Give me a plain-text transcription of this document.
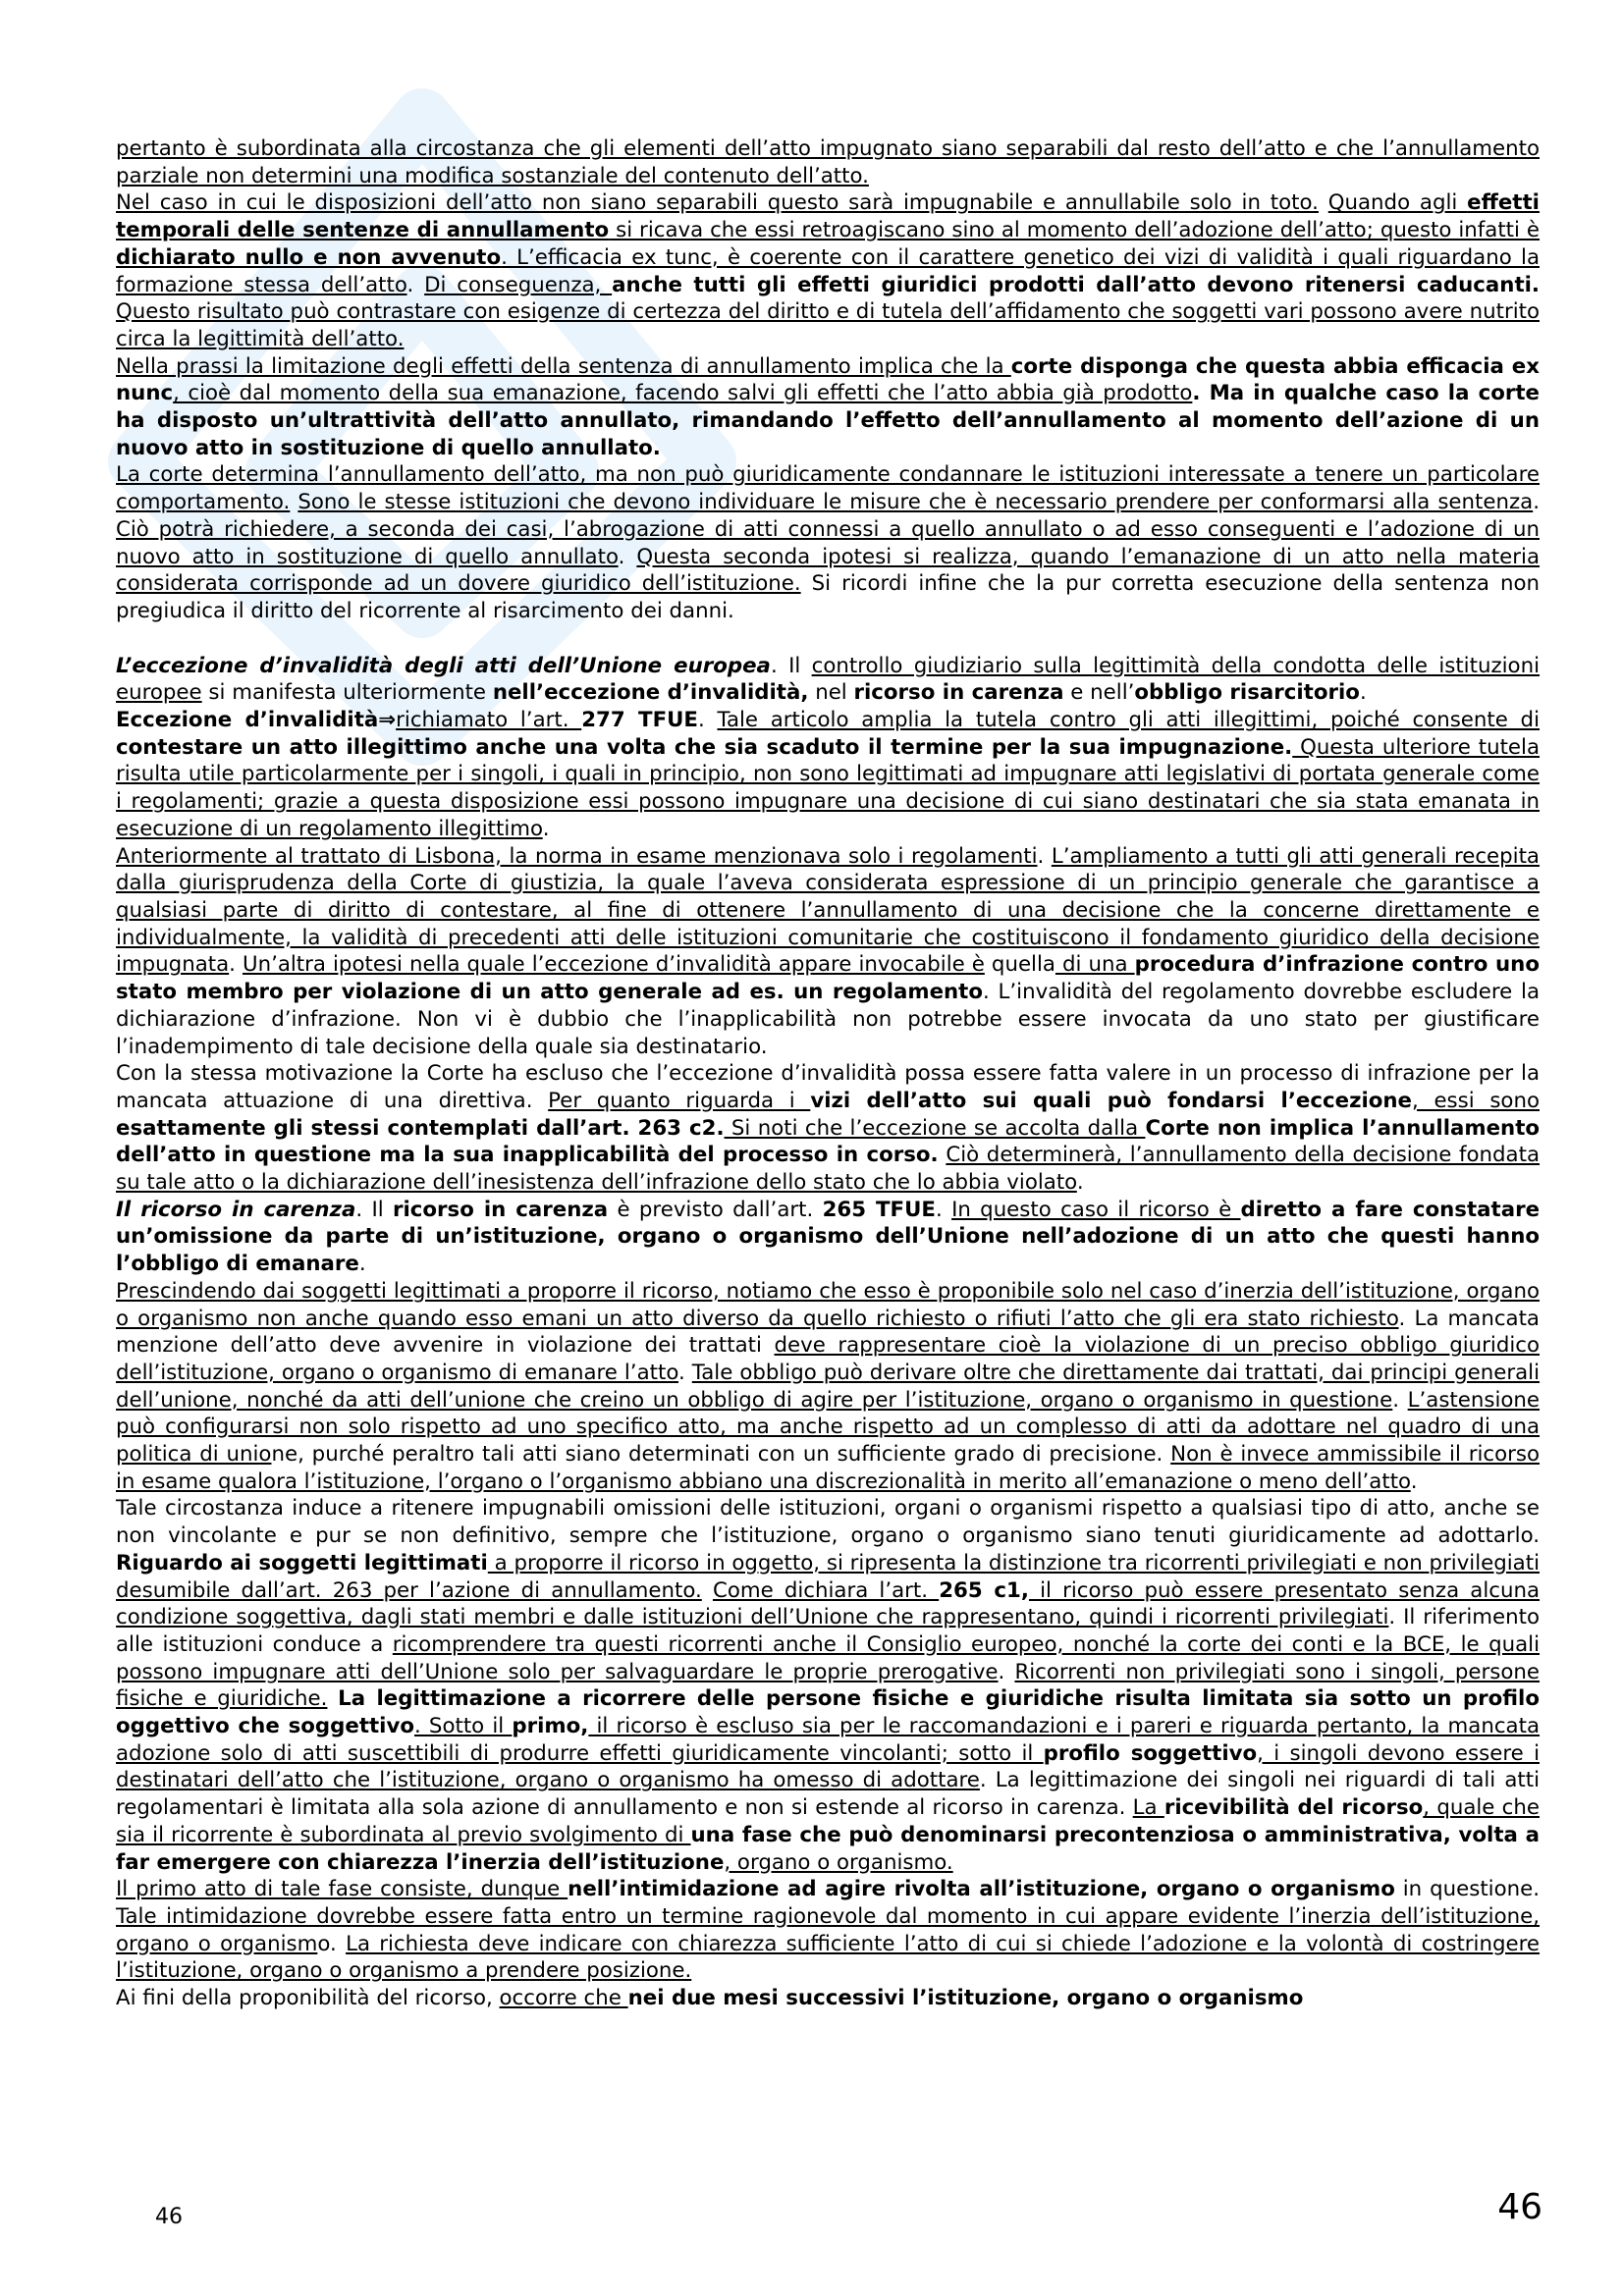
pertanto è subordinata alla circostanza che gli elementi dell’atto impugnato siano separabili dal resto dell’atto e che l’annullamento parziale non determini una modifica sostanziale del contenuto dell’atto.

Nel caso in cui le disposizioni dell’atto non siano separabili questo sarà impugnabile e annullabile solo in toto. Quando agli effetti temporali delle sentenze di annullamento si ricava che essi retroagiscano sino al momento dell’adozione dell’atto; questo infatti è dichiarato nullo e non avvenuto. L’efficacia ex tunc, è coerente con il carattere genetico dei vizi di validità i quali riguardano la formazione stessa dell’atto. Di conseguenza, anche tutti gli effetti giuridici prodotti dall’atto devono ritenersi caducanti. Questo risultato può contrastare con esigenze di certezza del diritto e di tutela dell’affidamento che soggetti vari possono avere nutrito circa la legittimità dell’atto.

Nella prassi la limitazione degli effetti della sentenza di annullamento implica che la corte disponga che questa abbia efficacia ex nunc, cioè dal momento della sua emanazione, facendo salvi gli effetti che l’atto abbia già prodotto. Ma in qualche caso la corte ha disposto un’ultrattività dell’atto annullato, rimandando l’effetto dell’annullamento al momento dell’azione di un nuovo atto in sostituzione di quello annullato.

La corte determina l’annullamento dell’atto, ma non può giuridicamente condannare le istituzioni interessate a tenere un particolare comportamento. Sono le stesse istituzioni che devono individuare le misure che è necessario prendere per conformarsi alla sentenza. Ciò potrà richiedere, a seconda dei casi, l’abrogazione di atti connessi a quello annullato o ad esso conseguenti e l’adozione di un nuovo atto in sostituzione di quello annullato. Questa seconda ipotesi si realizza, quando l’emanazione di un atto nella materia considerata corrisponde ad un dovere giuridico dell’istituzione. Si ricordi infine che la pur corretta esecuzione della sentenza non pregiudica il diritto del ricorrente al risarcimento dei danni.

L’eccezione d’invalidità degli atti dell’Unione europea. Il controllo giudiziario sulla legittimità della condotta delle istituzioni europee si manifesta ulteriormente nell’eccezione d’invalidità, nel ricorso in carenza e nell’obbligo risarcitorio.

Eccezione d’invalidità⇒richiamato l’art. 277 TFUE. Tale articolo amplia la tutela contro gli atti illegittimi, poiché consente di contestare un atto illegittimo anche una volta che sia scaduto il termine per la sua impugnazione. Questa ulteriore tutela risulta utile particolarmente per i singoli, i quali in principio, non sono legittimati ad impugnare atti legislativi di portata generale come i regolamenti; grazie a questa disposizione essi possono impugnare una decisione di cui siano destinatari che sia stata emanata in esecuzione di un regolamento illegittimo.

Anteriormente al trattato di Lisbona, la norma in esame menzionava solo i regolamenti. L’ampliamento a tutti gli atti generali recepita dalla giurisprudenza della Corte di giustizia, la quale l’aveva considerata espressione di un principio generale che garantisce a qualsiasi parte di diritto di contestare, al fine di ottenere l’annullamento di una decisione che la concerne direttamente e individualmente, la validità di precedenti atti delle istituzioni comunitarie che costituiscono il fondamento giuridico della decisione impugnata. Un’altra ipotesi nella quale l’eccezione d’invalidità appare invocabile è quella di una procedura d’infrazione contro uno stato membro per violazione di un atto generale ad es. un regolamento. L’invalidità del regolamento dovrebbe escludere la dichiarazione d’infrazione. Non vi è dubbio che l’inapplicabilità non potrebbe essere invocata da uno stato per giustificare l’inadempimento di tale decisione della quale sia destinatario.

Con la stessa motivazione la Corte ha escluso che l’eccezione d’invalidità possa essere fatta valere in un processo di infrazione per la mancata attuazione di una direttiva. Per quanto riguarda i vizi dell’atto sui quali può fondarsi l’eccezione, essi sono esattamente gli stessi contemplati dall’art. 263 c2. Si noti che l’eccezione se accolta dalla Corte non implica l’annullamento dell’atto in questione ma la sua inapplicabilità del processo in corso. Ciò determinerà, l’annullamento della decisione fondata su tale atto o la dichiarazione dell’inesistenza dell’infrazione dello stato che lo abbia violato.

Il ricorso in carenza. Il ricorso in carenza è previsto dall’art. 265 TFUE. In questo caso il ricorso è diretto a fare constatare un’omissione da parte di un’istituzione, organo o organismo dell’Unione nell’adozione di un atto che questi hanno l’obbligo di emanare.

Prescindendo dai soggetti legittimati a proporre il ricorso, notiamo che esso è proponibile solo nel caso d’inerzia dell’istituzione, organo o organismo non anche quando esso emani un atto diverso da quello richiesto o rifiuti l’atto che gli era stato richiesto. La mancata menzione dell’atto deve avvenire in violazione dei trattati deve rappresentare cioè la violazione di un preciso obbligo giuridico dell’istituzione, organo o organismo di emanare l’atto. Tale obbligo può derivare oltre che direttamente dai trattati, dai principi generali dell’unione, nonché da atti dell’unione che creino un obbligo di agire per l’istituzione, organo o organismo in questione. L’astensione può configurarsi non solo rispetto ad uno specifico atto, ma anche rispetto ad un complesso di atti da adottare nel quadro di una politica di unione, purché peraltro tali atti siano determinati con un sufficiente grado di precisione. Non è invece ammissibile il ricorso in esame qualora l’istituzione, l’organo o l’organismo abbiano una discrezionalità in merito all’emanazione o meno dell’atto.

Tale circostanza induce a ritenere impugnabili omissioni delle istituzioni, organi o organismi rispetto a qualsiasi tipo di atto, anche se non vincolante e pur se non definitivo, sempre che l’istituzione, organo o organismo siano tenuti giuridicamente ad adottarlo. Riguardo ai soggetti legittimati a proporre il ricorso in oggetto, si ripresenta la distinzione tra ricorrenti privilegiati e non privilegiati desumibile dall’art. 263 per l’azione di annullamento. Come dichiara l’art. 265 c1, il ricorso può essere presentato senza alcuna condizione soggettiva, dagli stati membri e dalle istituzioni dell’Unione che rappresentano, quindi i ricorrenti privilegiati. Il riferimento alle istituzioni conduce a ricomprendere tra questi ricorrenti anche il Consiglio europeo, nonché la corte dei conti e la BCE, le quali possono impugnare atti dell’Unione solo per salvaguardare le proprie prerogative. Ricorrenti non privilegiati sono i singoli, persone fisiche e giuridiche. La legittimazione a ricorrere delle persone fisiche e giuridiche risulta limitata sia sotto un profilo oggettivo che soggettivo. Sotto il primo, il ricorso è escluso sia per le raccomandazioni e i pareri e riguarda pertanto, la mancata adozione solo di atti suscettibili di produrre effetti giuridicamente vincolanti; sotto il profilo soggettivo, i singoli devono essere i destinatari dell’atto che l’istituzione, organo o organismo ha omesso di adottare. La legittimazione dei singoli nei riguardi di tali atti regolamentari è limitata alla sola azione di annullamento e non si estende al ricorso in carenza. La ricevibilità del ricorso, quale che sia il ricorrente è subordinata al previo svolgimento di una fase che può denominarsi precontenziosa o amministrativa, volta a far emergere con chiarezza l’inerzia dell’istituzione, organo o organismo.

Il primo atto di tale fase consiste, dunque nell’intimidazione ad agire rivolta all’istituzione, organo o organismo in questione. Tale intimidazione dovrebbe essere fatta entro un termine ragionevole dal momento in cui appare evidente l’inerzia dell’istituzione, organo o organismo. La richiesta deve indicare con chiarezza sufficiente l’atto di cui si chiede l’adozione e la volontà di costringere l’istituzione, organo o organismo a prendere posizione.

Ai fini della proponibilità del ricorso, occorre che nei due mesi successivi l’istituzione, organo o organismo

46	46
